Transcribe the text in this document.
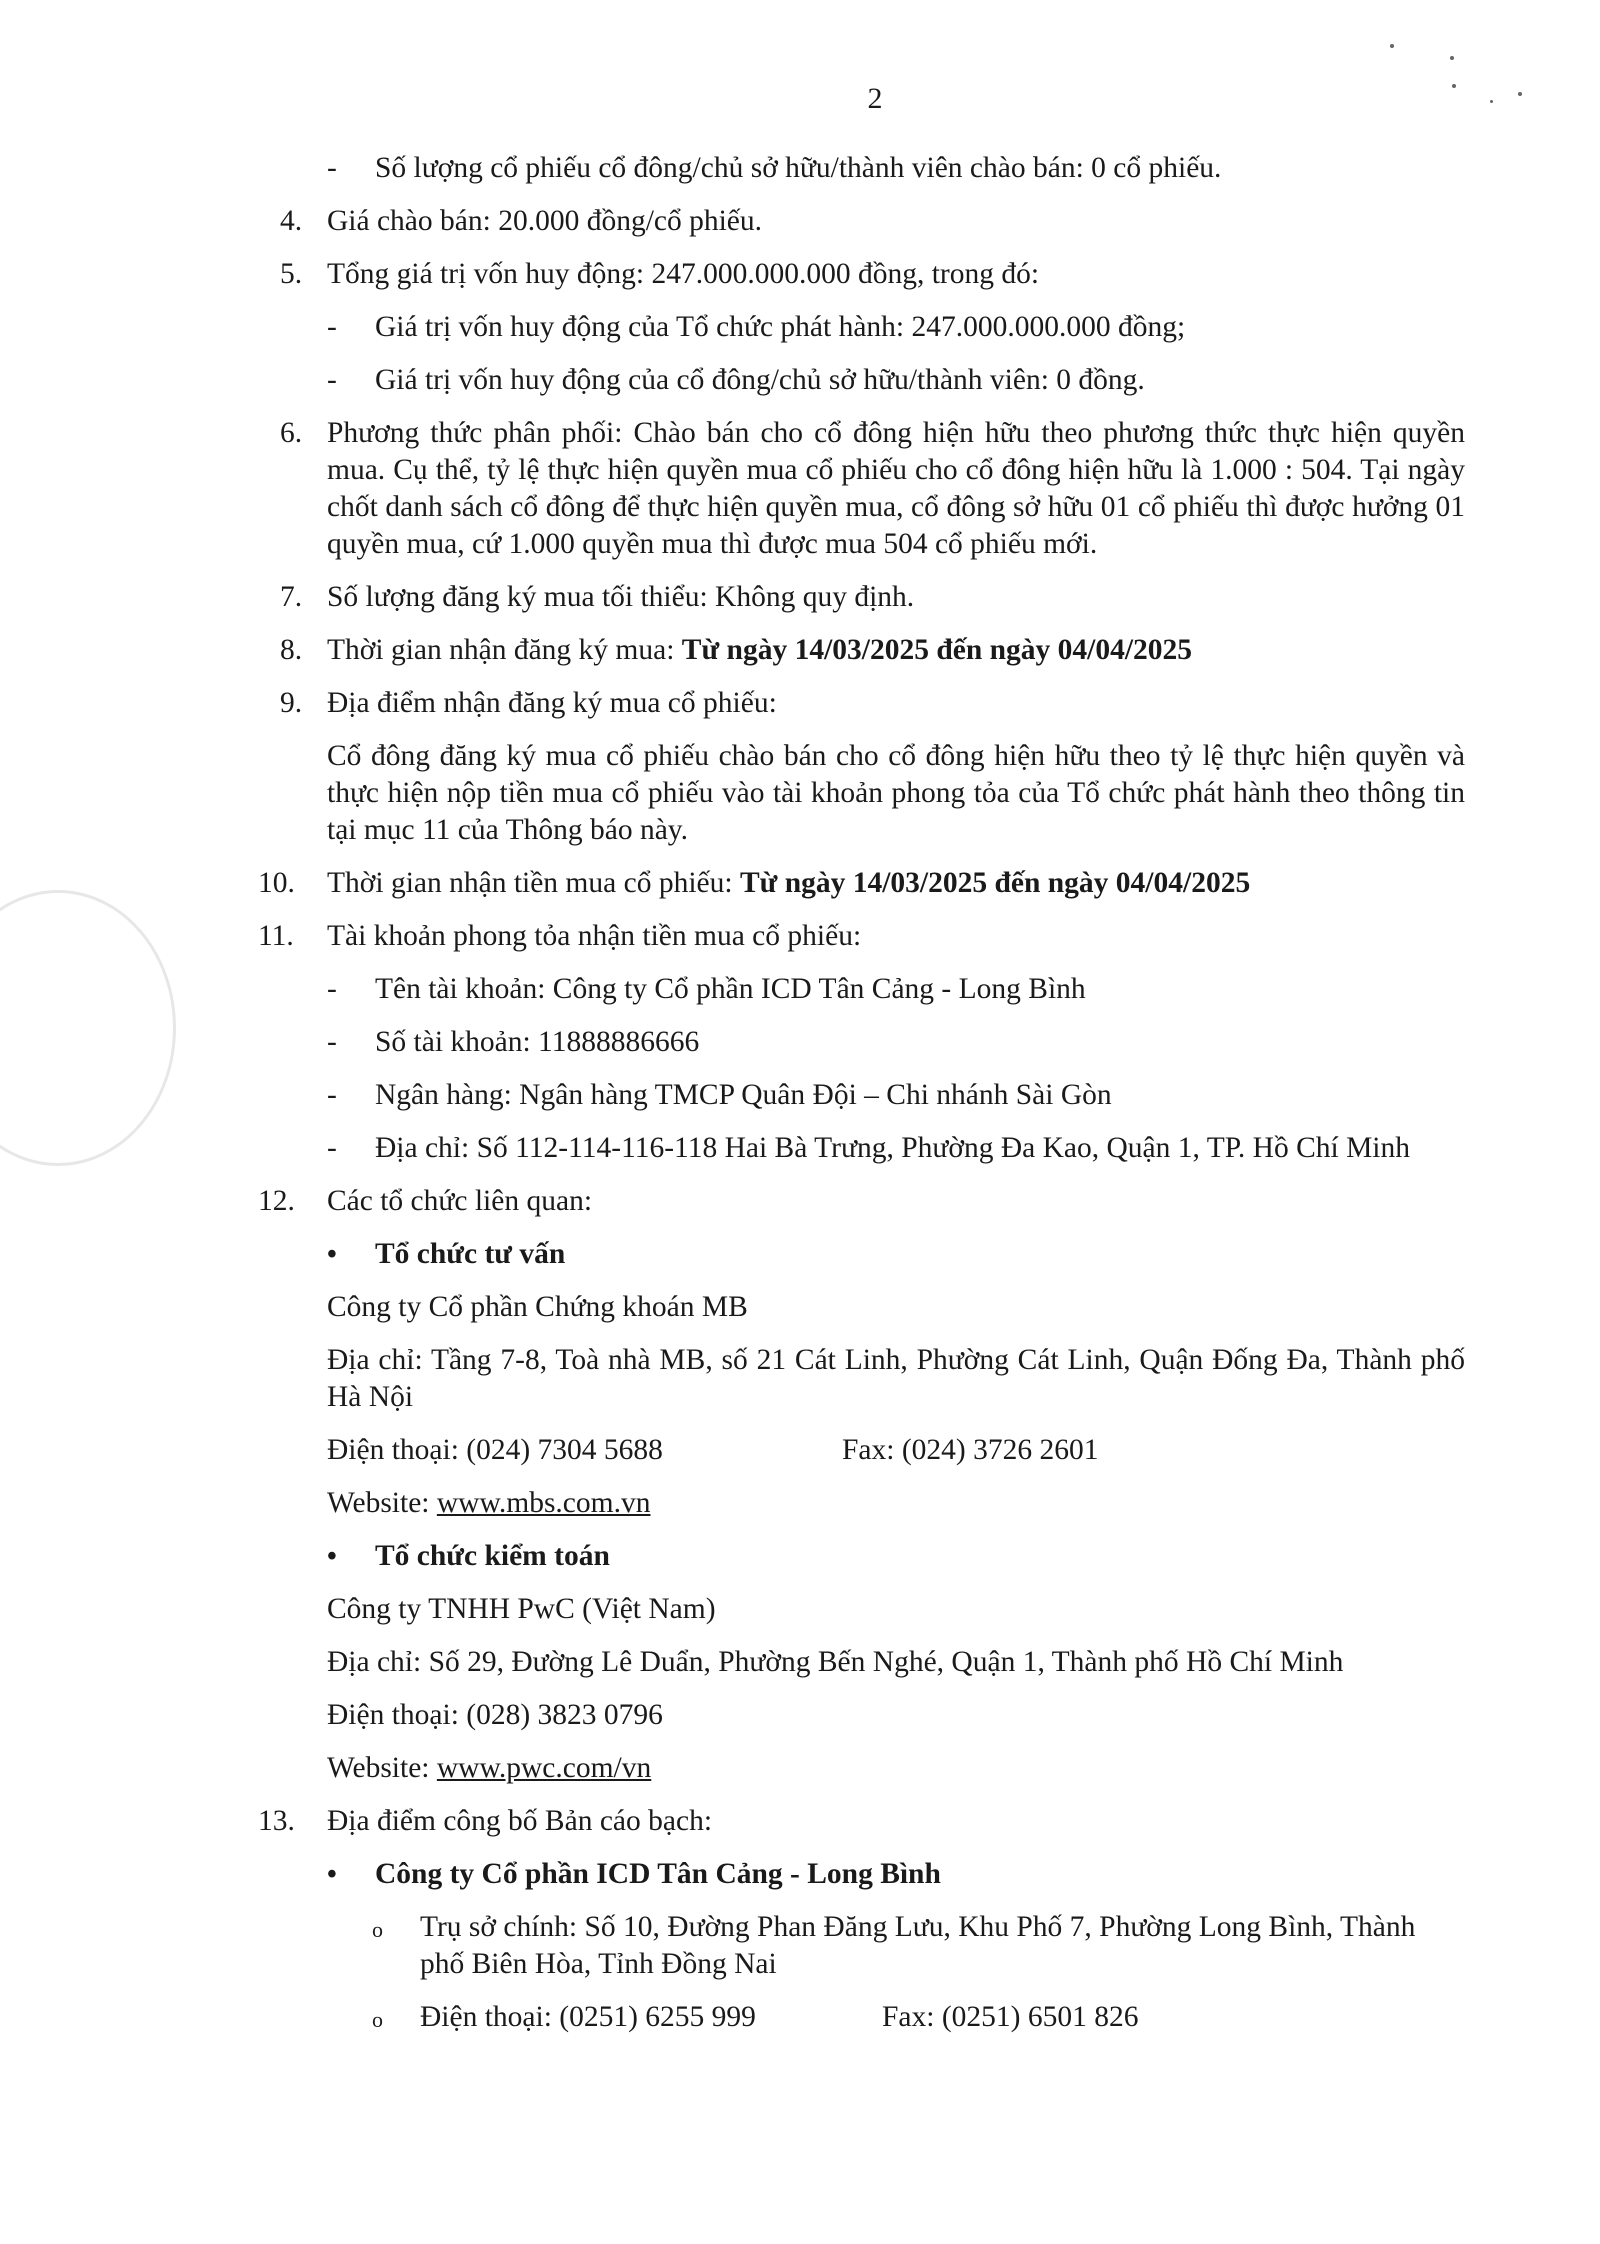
2
- Số lượng cổ phiếu cổ đông/chủ sở hữu/thành viên chào bán: 0 cổ phiếu.
4. Giá chào bán: 20.000 đồng/cổ phiếu.
5. Tổng giá trị vốn huy động: 247.000.000.000 đồng, trong đó:
- Giá trị vốn huy động của Tổ chức phát hành: 247.000.000.000 đồng;
- Giá trị vốn huy động của cổ đông/chủ sở hữu/thành viên: 0 đồng.
6. Phương thức phân phối: Chào bán cho cổ đông hiện hữu theo phương thức thực hiện quyền mua. Cụ thể, tỷ lệ thực hiện quyền mua cổ phiếu cho cổ đông hiện hữu là 1.000 : 504. Tại ngày chốt danh sách cổ đông để thực hiện quyền mua, cổ đông sở hữu 01 cổ phiếu thì được hưởng 01 quyền mua, cứ 1.000 quyền mua thì được mua 504 cổ phiếu mới.
7. Số lượng đăng ký mua tối thiểu: Không quy định.
8. Thời gian nhận đăng ký mua: Từ ngày 14/03/2025 đến ngày 04/04/2025
9. Địa điểm nhận đăng ký mua cổ phiếu:
Cổ đông đăng ký mua cổ phiếu chào bán cho cổ đông hiện hữu theo tỷ lệ thực hiện quyền và thực hiện nộp tiền mua cổ phiếu vào tài khoản phong tỏa của Tổ chức phát hành theo thông tin tại mục 11 của Thông báo này.
10.	Thời gian nhận tiền mua cổ phiếu: Từ ngày 14/03/2025 đến ngày 04/04/2025
11.	Tài khoản phong tỏa nhận tiền mua cổ phiếu:
- Tên tài khoản: Công ty Cổ phần ICD Tân Cảng - Long Bình
- Số tài khoản: 11888886666
- Ngân hàng: Ngân hàng TMCP Quân Đội – Chi nhánh Sài Gòn
- Địa chỉ: Số 112-114-116-118 Hai Bà Trưng, Phường Đa Kao, Quận 1, TP. Hồ Chí Minh
12.	Các tổ chức liên quan:
• Tổ chức tư vấn
Công ty Cổ phần Chứng khoán MB
Địa chỉ: Tầng 7-8, Toà nhà MB, số 21 Cát Linh, Phường Cát Linh, Quận Đống Đa, Thành phố Hà Nội
Điện thoại: (024) 7304 5688	Fax: (024) 3726 2601
Website: www.mbs.com.vn
• Tổ chức kiểm toán
Công ty TNHH PwC (Việt Nam)
Địa chỉ: Số 29, Đường Lê Duẩn, Phường Bến Nghé, Quận 1, Thành phố Hồ Chí Minh
Điện thoại: (028) 3823 0796
Website: www.pwc.com/vn
13.	Địa điểm công bố Bản cáo bạch:
• Công ty Cổ phần ICD Tân Cảng - Long Bình
o Trụ sở chính: Số 10, Đường Phan Đăng Lưu, Khu Phố 7, Phường Long Bình, Thành phố Biên Hòa, Tỉnh Đồng Nai
o Điện thoại: (0251) 6255 999	Fax: (0251) 6501 826
